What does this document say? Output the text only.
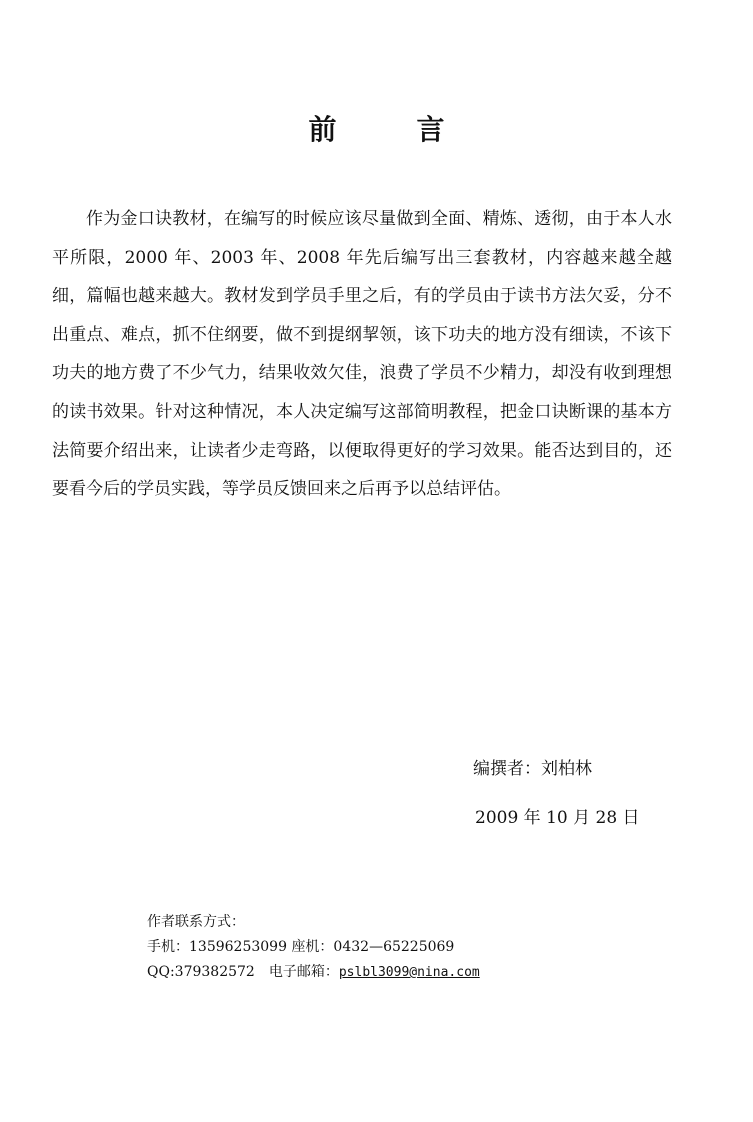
前	言

作为金口诀教材，在编写的时候应该尽量做到全面、精炼、透彻，由于本人水平所限，2000 年、2003 年、2008 年先后编写出三套教材，内容越来越全越细，篇幅也越来越大。教材发到学员手里之后，有的学员由于读书方法欠妥，分不出重点、难点，抓不住纲要，做不到提纲挈领，该下功夫的地方没有细读，不该下功夫的地方费了不少气力，结果收效欠佳，浪费了学员不少精力，却没有收到理想的读书效果。针对这种情况，本人决定编写这部简明教程，把金口诀断课的基本方法简要介绍出来，让读者少走弯路，以便取得更好的学习效果。能否达到目的，还要看今后的学员实践，等学员反馈回来之后再予以总结评估。

编撰者：刘柏林
2009 年 10 月 28 日
作者联系方式：
手机：13596253099 座机：0432—65225069
QQ:379382572 电子邮箱：pslbl3099@nina.com
